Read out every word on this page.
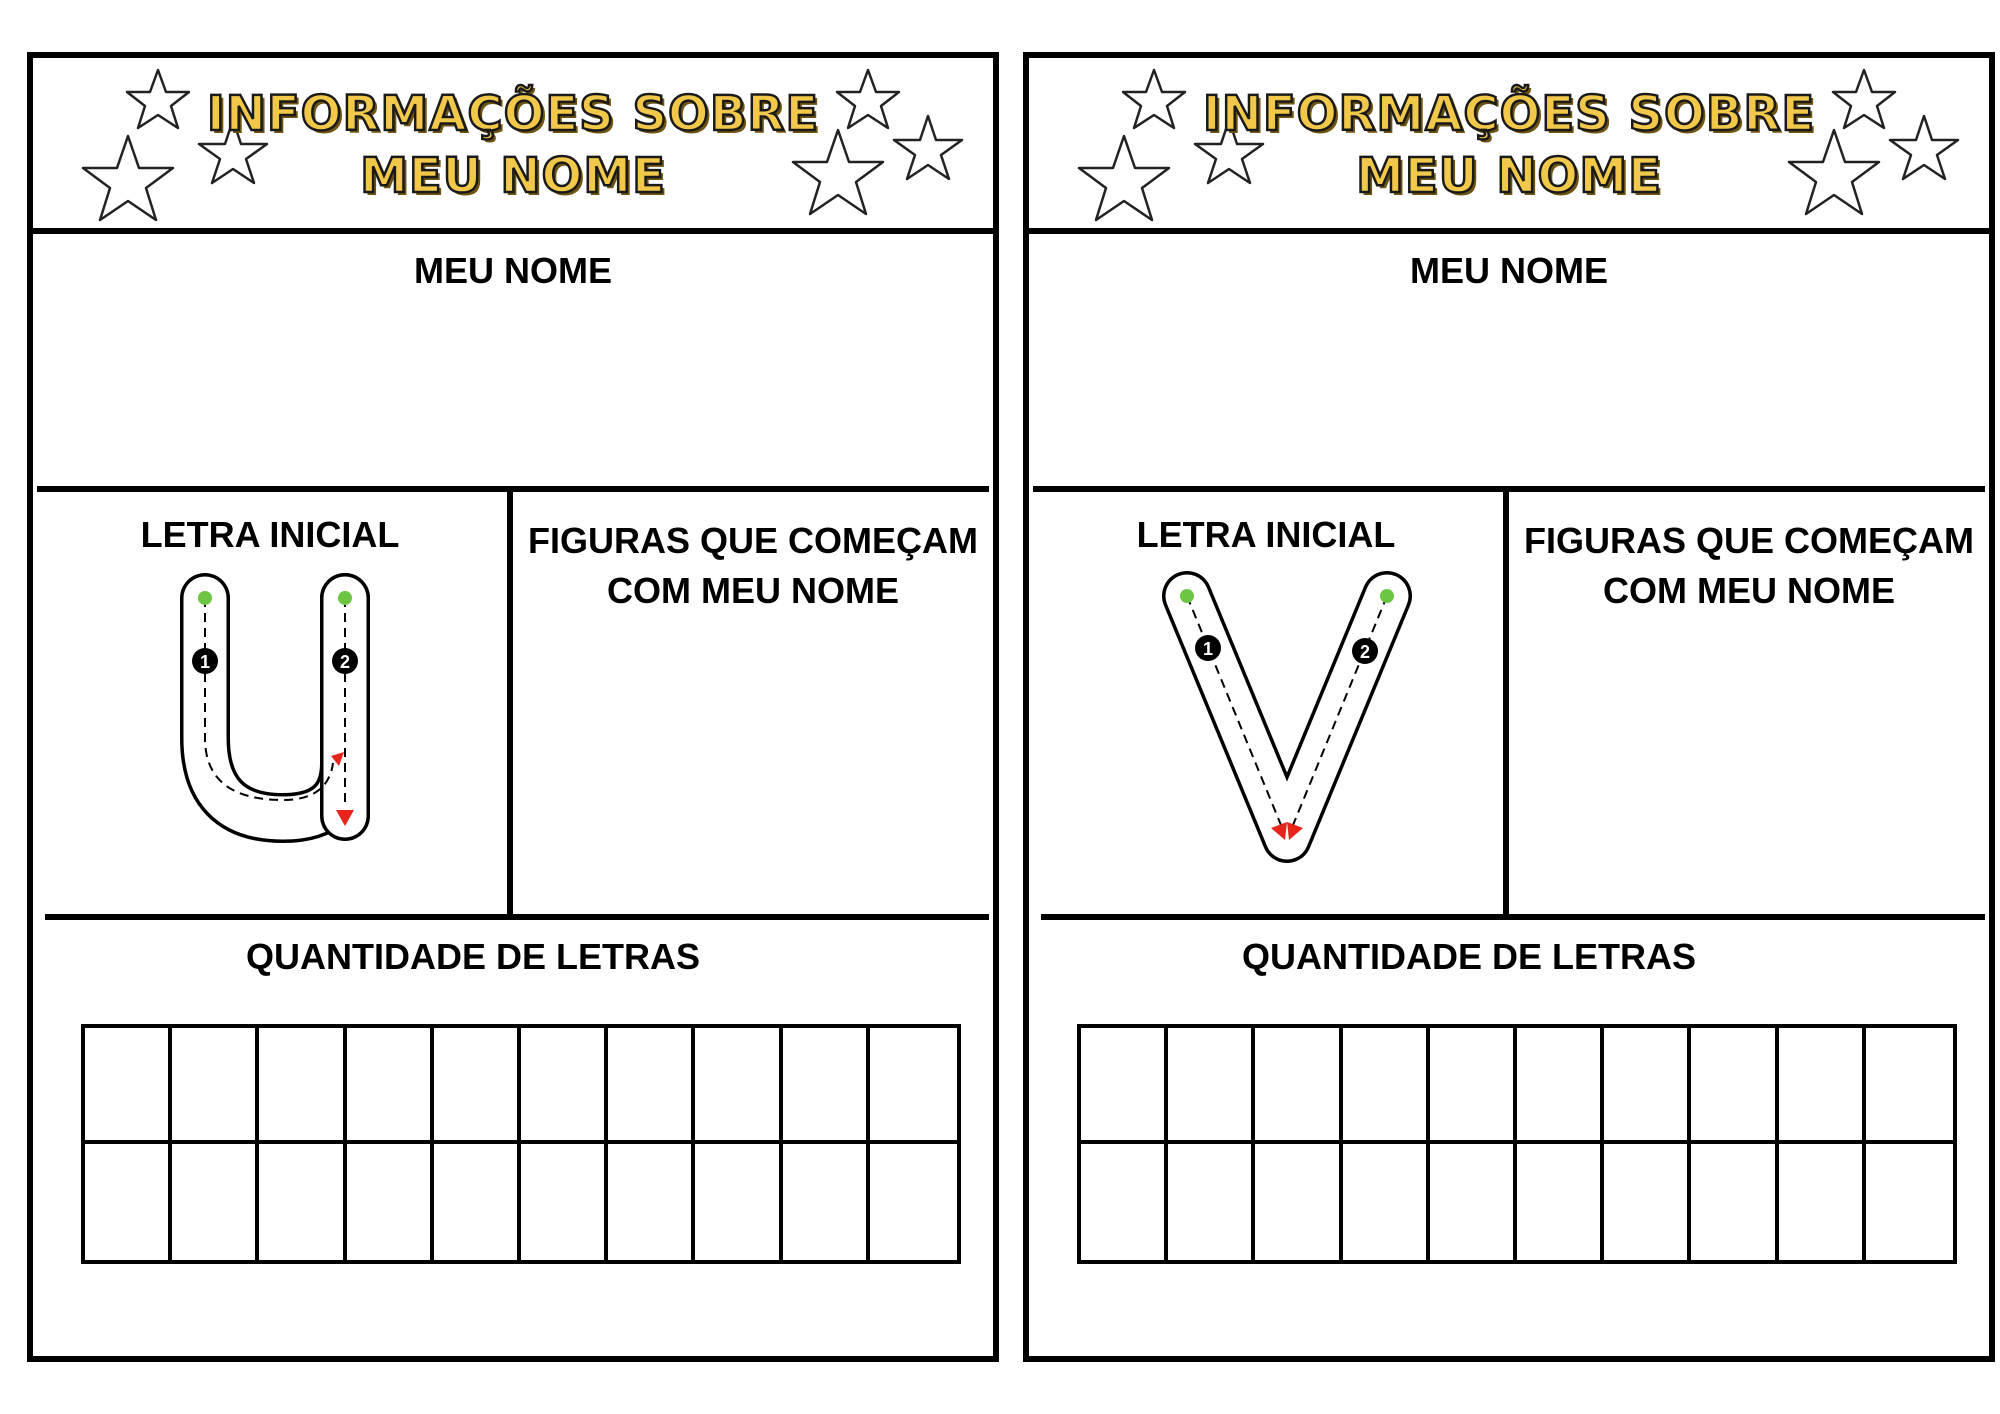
INFORMAÇÕES SOBRE
MEU NOME
MEU NOME
LETRA INICIAL	FIGURAS QUE COMEÇAM
COM MEU NOME
1	2
QUANTIDADE DE LETRAS
INFORMAÇÕES SOBRE
MEU NOME
MEU NOME
LETRA INICIAL	FIGURAS QUE COMEÇAM
COM MEU NOME
1	2
QUANTIDADE DE LETRAS
